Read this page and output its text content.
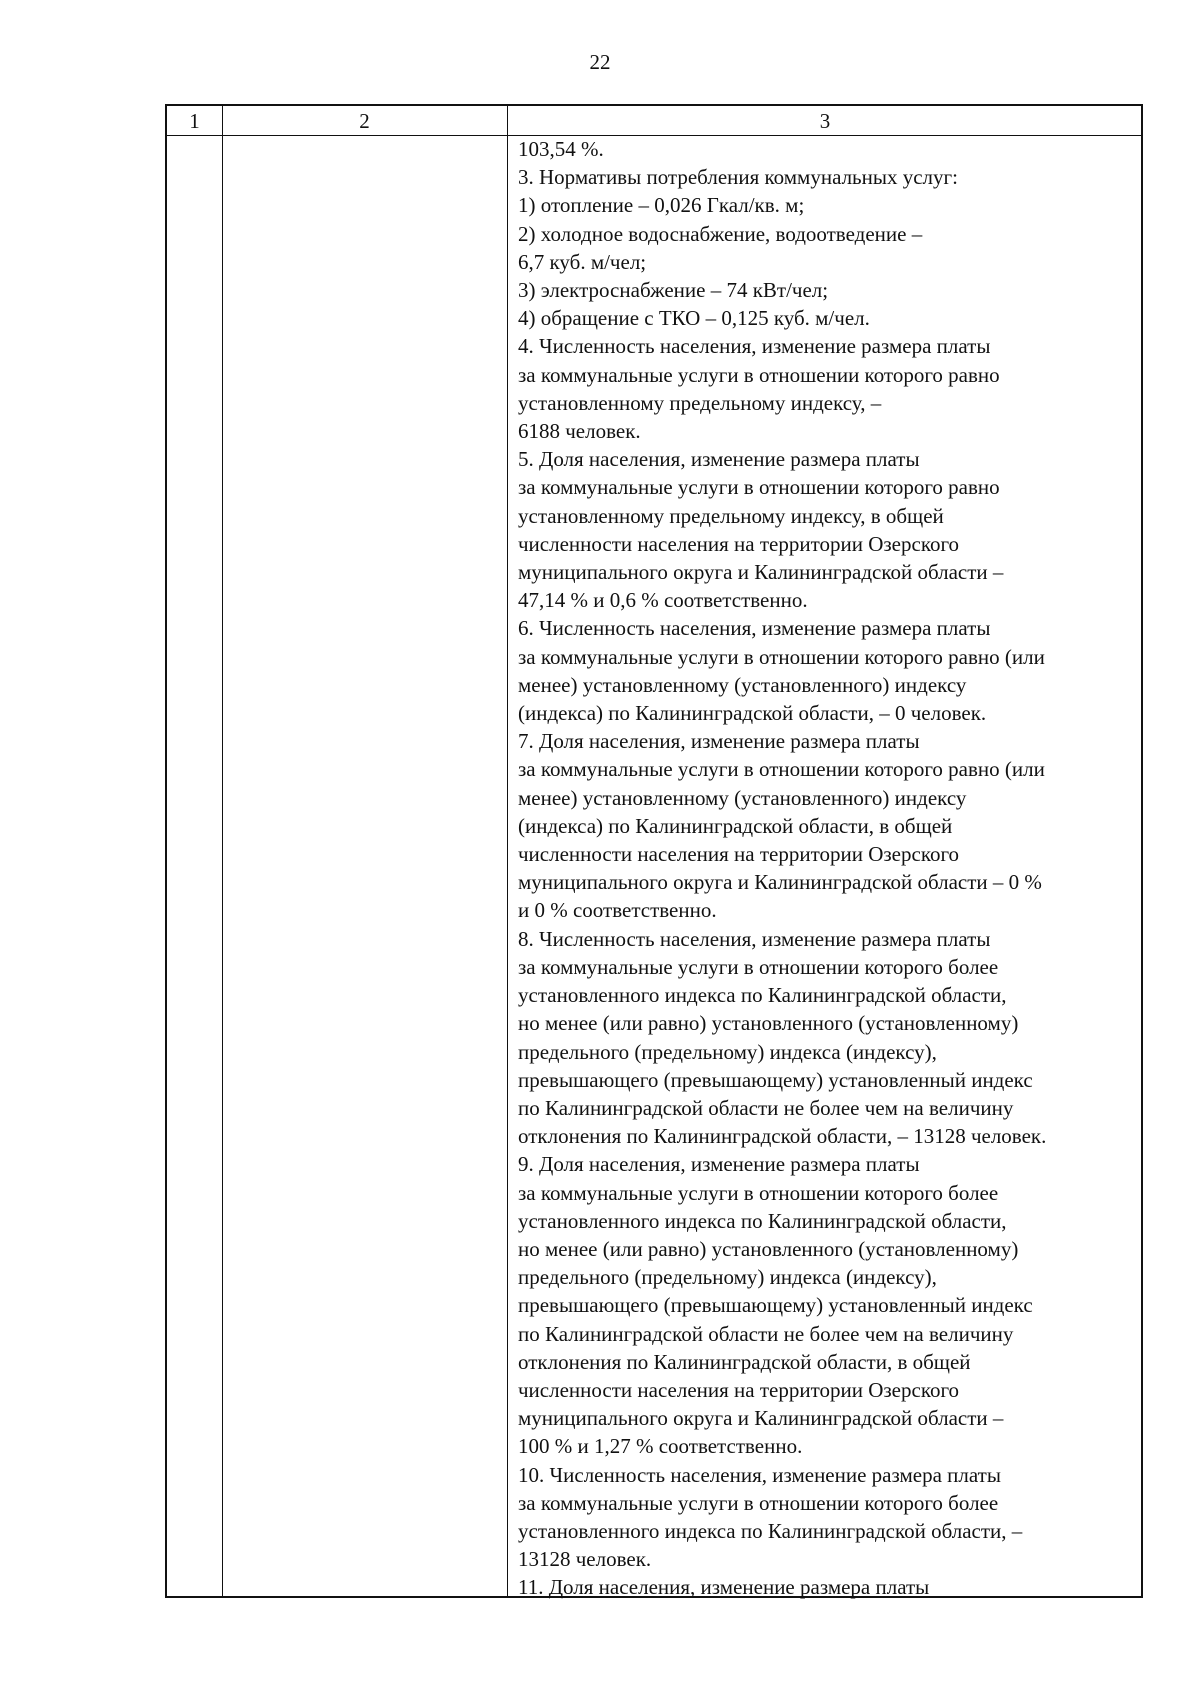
22
1	2	3
103,54 %.
3. Нормативы потребления коммунальных услуг:
1) отопление – 0,026 Гкал/кв. м;
2) холодное водоснабжение, водоотведение –
6,7 куб. м/чел;
3) электроснабжение – 74 кВт/чел;
4) обращение с ТКО – 0,125 куб. м/чел.
4. Численность населения, изменение размера платы
за коммунальные услуги в отношении которого равно
установленному предельному индексу, –
6188 человек.
5. Доля населения, изменение размера платы
за коммунальные услуги в отношении которого равно
установленному предельному индексу, в общей
численности населения на территории Озерского
муниципального округа и Калининградской области –
47,14 % и 0,6 % соответственно.
6. Численность населения, изменение размера платы
за коммунальные услуги в отношении которого равно (или
менее) установленному (установленного) индексу
(индекса) по Калининградской области, – 0 человек.
7. Доля населения, изменение размера платы
за коммунальные услуги в отношении которого равно (или
менее) установленному (установленного) индексу
(индекса) по Калининградской области, в общей
численности населения на территории Озерского
муниципального округа и Калининградской области – 0 %
и 0 % соответственно.
8. Численность населения, изменение размера платы
за коммунальные услуги в отношении которого более
установленного индекса по Калининградской области,
но менее (или равно) установленного (установленному)
предельного (предельному) индекса (индексу),
превышающего (превышающему) установленный индекс
по Калининградской области не более чем на величину
отклонения по Калининградской области, – 13128 человек.
9. Доля населения, изменение размера платы
за коммунальные услуги в отношении которого более
установленного индекса по Калининградской области,
но менее (или равно) установленного (установленному)
предельного (предельному) индекса (индексу),
превышающего (превышающему) установленный индекс
по Калининградской области не более чем на величину
отклонения по Калининградской области, в общей
численности населения на территории Озерского
муниципального округа и Калининградской области –
100 % и 1,27 % соответственно.
10. Численность населения, изменение размера платы
за коммунальные услуги в отношении которого более
установленного индекса по Калининградской области, –
13128 человек.
11. Доля населения, изменение размера платы
